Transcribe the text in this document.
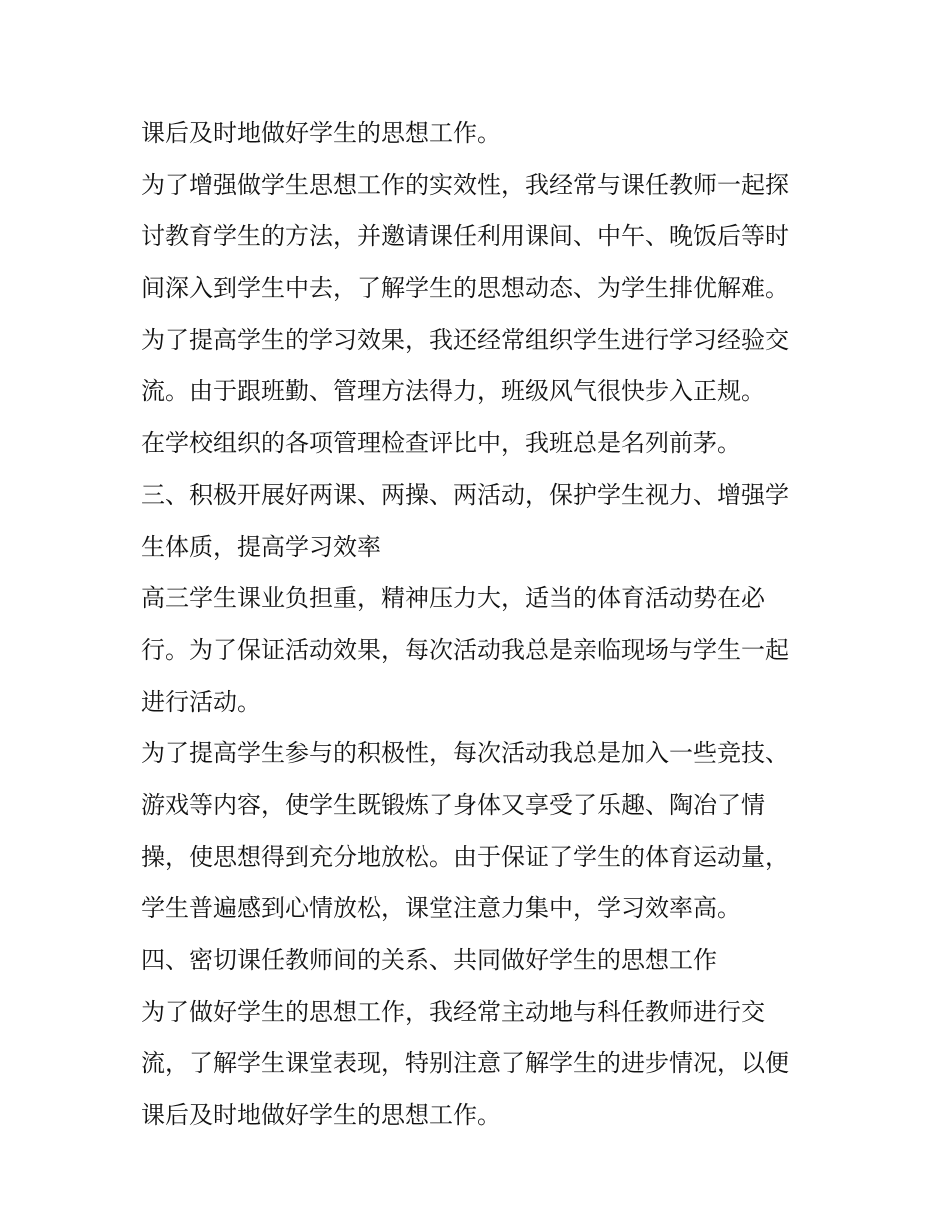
课后及时地做好学生的思想工作。
为了增强做学生思想工作的实效性，我经常与课任教师一起探
讨教育学生的方法，并邀请课任利用课间、中午、晚饭后等时
间深入到学生中去，了解学生的思想动态、为学生排优解难。
为了提高学生的学习效果，我还经常组织学生进行学习经验交
流。由于跟班勤、管理方法得力，班级风气很快步入正规。
在学校组织的各项管理检查评比中，我班总是名列前茅。
三、积极开展好两课、两操、两活动，保护学生视力、增强学
生体质，提高学习效率
高三学生课业负担重，精神压力大，适当的体育活动势在必
行。为了保证活动效果，每次活动我总是亲临现场与学生一起
进行活动。
为了提高学生参与的积极性，每次活动我总是加入一些竞技、
游戏等内容，使学生既锻炼了身体又享受了乐趣、陶冶了情
操，使思想得到充分地放松。由于保证了学生的体育运动量，
学生普遍感到心情放松，课堂注意力集中，学习效率高。
四、密切课任教师间的关系、共同做好学生的思想工作
为了做好学生的思想工作，我经常主动地与科任教师进行交
流，了解学生课堂表现，特别注意了解学生的进步情况，以便
课后及时地做好学生的思想工作。
